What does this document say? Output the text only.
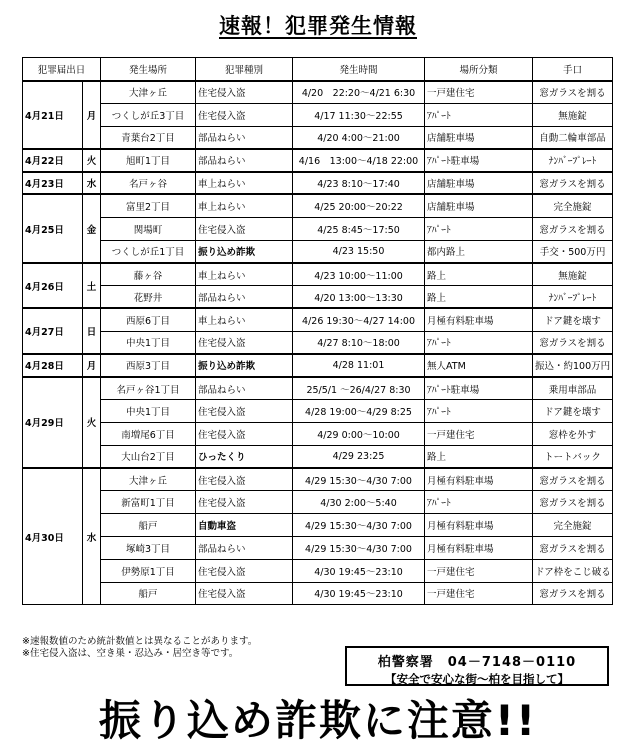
速報！犯罪発生情報
犯罪届出日		発生場所	犯罪種別	発生時間	場所分類	手口
4月21日	月	大津ヶ丘	住宅侵入盗	4/20　22:20～4/21 6:30	一戸建住宅	窓ガラスを割る
		つくしが丘3丁目	住宅侵入盗	4/17 11:30～22:55	ｱﾊﾟｰﾄ	無施錠
		青葉台2丁目	部品ねらい	4/20 4:00～21:00	店舗駐車場	自動二輪車部品
4月22日	火	旭町1丁目	部品ねらい	4/16　13:00～4/18 22:00	ｱﾊﾟｰﾄ駐車場	ﾅﾝﾊﾞｰﾌﾟﾚｰﾄ
4月23日	水	名戸ヶ谷	車上ねらい	4/23 8:10～17:40	店舗駐車場	窓ガラスを割る
4月25日	金	富里2丁目	車上ねらい	4/25 20:00～20:22	店舗駐車場	完全施錠
		関場町	住宅侵入盗	4/25 8:45～17:50	ｱﾊﾟｰﾄ	窓ガラスを割る
		つくしが丘1丁目	振り込め詐欺	4/23 15:50	都内路上	手交・500万円
4月26日	土	藤ヶ谷	車上ねらい	4/23 10:00～11:00	路上	無施錠
		花野井	部品ねらい	4/20 13:00～13:30	路上	ﾅﾝﾊﾞｰﾌﾟﾚｰﾄ
4月27日	日	西原6丁目	車上ねらい	4/26 19:30～4/27 14:00	月極有料駐車場	ドア鍵を壊す
		中央1丁目	住宅侵入盗	4/27 8:10～18:00	ｱﾊﾟｰﾄ	窓ガラスを割る
4月28日	月	西原3丁目	振り込め詐欺	4/28 11:01	無人ATM	振込・約100万円
4月29日	火	名戸ヶ谷1丁目	部品ねらい	25/5/1 ～26/4/27 8:30	ｱﾊﾟｰﾄ駐車場	乗用車部品
		中央1丁目	住宅侵入盗	4/28 19:00～4/29 8:25	ｱﾊﾟｰﾄ	ドア鍵を壊す
		南増尾6丁目	住宅侵入盗	4/29 0:00～10:00	一戸建住宅	窓枠を外す
		大山台2丁目	ひったくり	4/29 23:25	路上	トートバック
4月30日	水	大津ヶ丘	住宅侵入盗	4/29 15:30～4/30 7:00	月極有料駐車場	窓ガラスを割る
		新富町1丁目	住宅侵入盗	4/30 2:00～5:40	ｱﾊﾟｰﾄ	窓ガラスを割る
		船戸	自動車盗	4/29 15:30～4/30 7:00	月極有料駐車場	完全施錠
		塚崎3丁目	部品ねらい	4/29 15:30～4/30 7:00	月極有料駐車場	窓ガラスを割る
		伊勢原1丁目	住宅侵入盗	4/30 19:45～23:10	一戸建住宅	ドア枠をこじ破る
		船戸	住宅侵入盗	4/30 19:45～23:10	一戸建住宅	窓ガラスを割る
※速報数値のため統計数値とは異なることがあります。
※住宅侵入盗は、空き巣・忍込み・居空き等です。
柏警察署 04－7148－0110
【安全で安心な街～柏を目指して】
振り込め詐欺に注意!!
